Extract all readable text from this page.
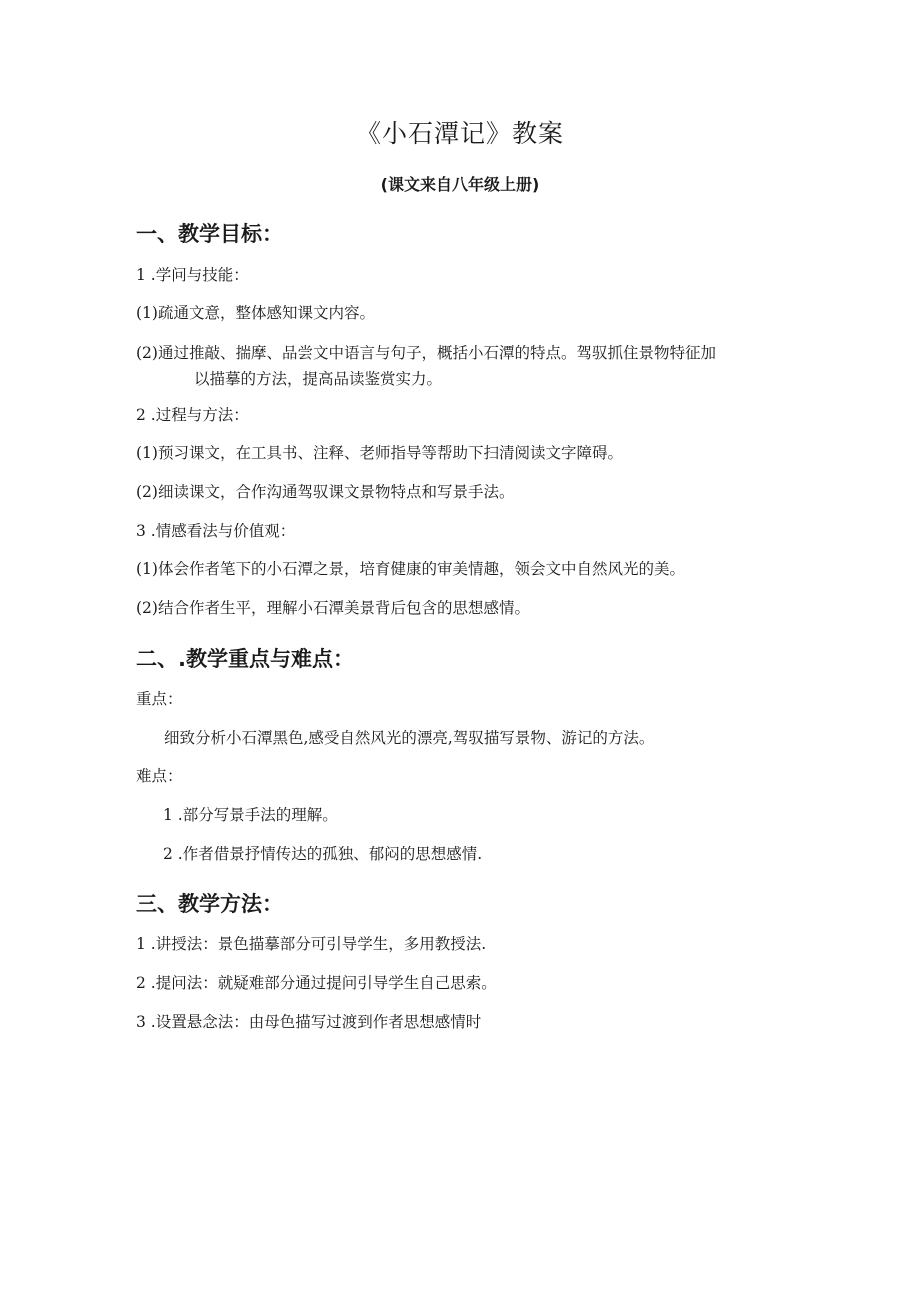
《小石潭记》教案
(课文来自八年级上册)
一、教学目标：
1 .学问与技能：
(1)疏通文意，整体感知课文内容。
(2)通过推敲、揣摩、品尝文中语言与句子，概括小石潭的特点。驾驭抓住景物特征加
以描摹的方法，提高品读鉴赏实力。
2 .过程与方法：
(1)预习课文，在工具书、注释、老师指导等帮助下扫清阅读文字障碍。
(2)细读课文，合作沟通驾驭课文景物特点和写景手法。
3 .情感看法与价值观：
(1)体会作者笔下的小石潭之景，培育健康的审美情趣，领会文中自然风光的美。
(2)结合作者生平，理解小石潭美景背后包含的思想感情。
二、.教学重点与难点：
重点：
细致分析小石潭黑色,感受自然风光的漂亮,驾驭描写景物、游记的方法。
难点：
1 .部分写景手法的理解。
2 .作者借景抒情传达的孤独、郁闷的思想感情.
三、教学方法：
1 .讲授法：景色描摹部分可引导学生，多用教授法.
2 .提问法：就疑难部分通过提问引导学生自己思索。
3 .设置悬念法：由母色描写过渡到作者思想感情时
